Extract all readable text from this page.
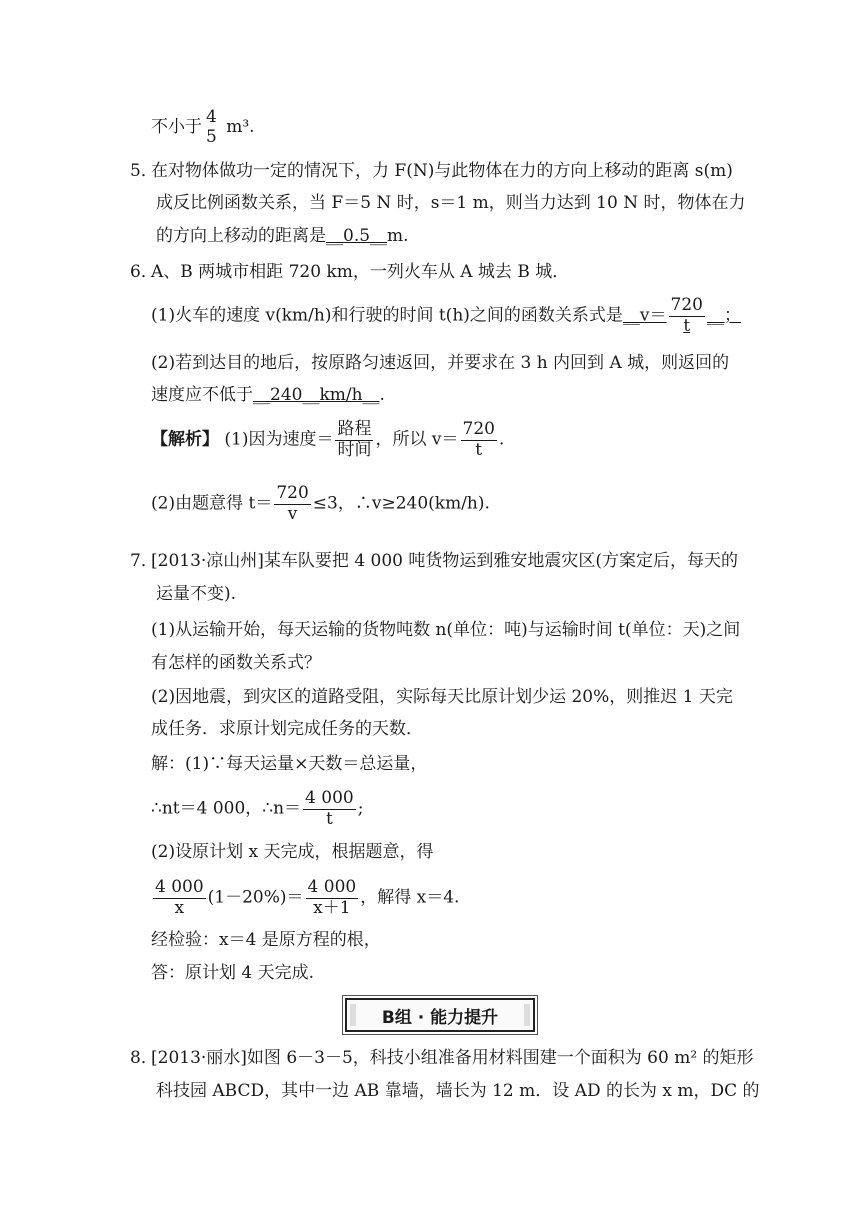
不小于
4
5 m³.
5．
在对物体做功一定的情况下，力 F(N)与此物体在力的方向上移动的距离 s(m)
成反比例函数关系，当 F＝5 N 时，s＝1 m，则当力达到 10 N 时，物体在力
的方向上移动的距离是__0.5__m.
6．
A、B 两城市相距 720 km，一列火车从 A 城去 B 城．
(1)火车的速度 v(km/h)和行驶的时间 t(h)之间的函数关系式是__v＝ $\frac{720}{t}$ __；
(2)若到达目的地后，按原路匀速返回，并要求在 3 h 内回到 A 城，则返回的
速度应不低于__240__km/h__.
【解析】 (1)因为速度＝ $\frac{\text{路程}}{\text{时间}}$ ，所以 $v= \frac{720}{t}$ .
(2)由题意得 $t= \frac{720}{v} \le 3$，∴v≥240(km/h).
7．
[2013·凉山州]某车队要把 4 000 吨货物运到雅安地震灾区(方案定后，每天的
运量不变).
(1)从运输开始，每天运输的货物吨数 n(单位：吨)与运输时间 t(单位：天)之间
有怎样的函数关系式？
(2)因地震，到灾区的道路受阻，实际每天比原计划少运 20%，则推迟 1 天完
成任务．求原计划完成任务的天数．
解：(1)∵每天运量×天数＝总运量，
∴nt＝4 000，∴n＝ $\frac{4 000}{t}$ ;
(2)设原计划 x 天完成，根据题意，得
$\frac{4 000}{x} (1-20\%)= \frac{4 000}{x+1}$ ，解得 x＝4.
经检验：x＝4 是原方程的根，
答：原计划 4 天完成.
B组 · 能力提升
8．
[2013·丽水]如图 6－3－5，科技小组准备用材料围建一个面积为 60 m² 的矩形
科技园 ABCD，其中一边 AB 靠墙，墙长为 12 m．设 AD 的长为 x m，DC 的
